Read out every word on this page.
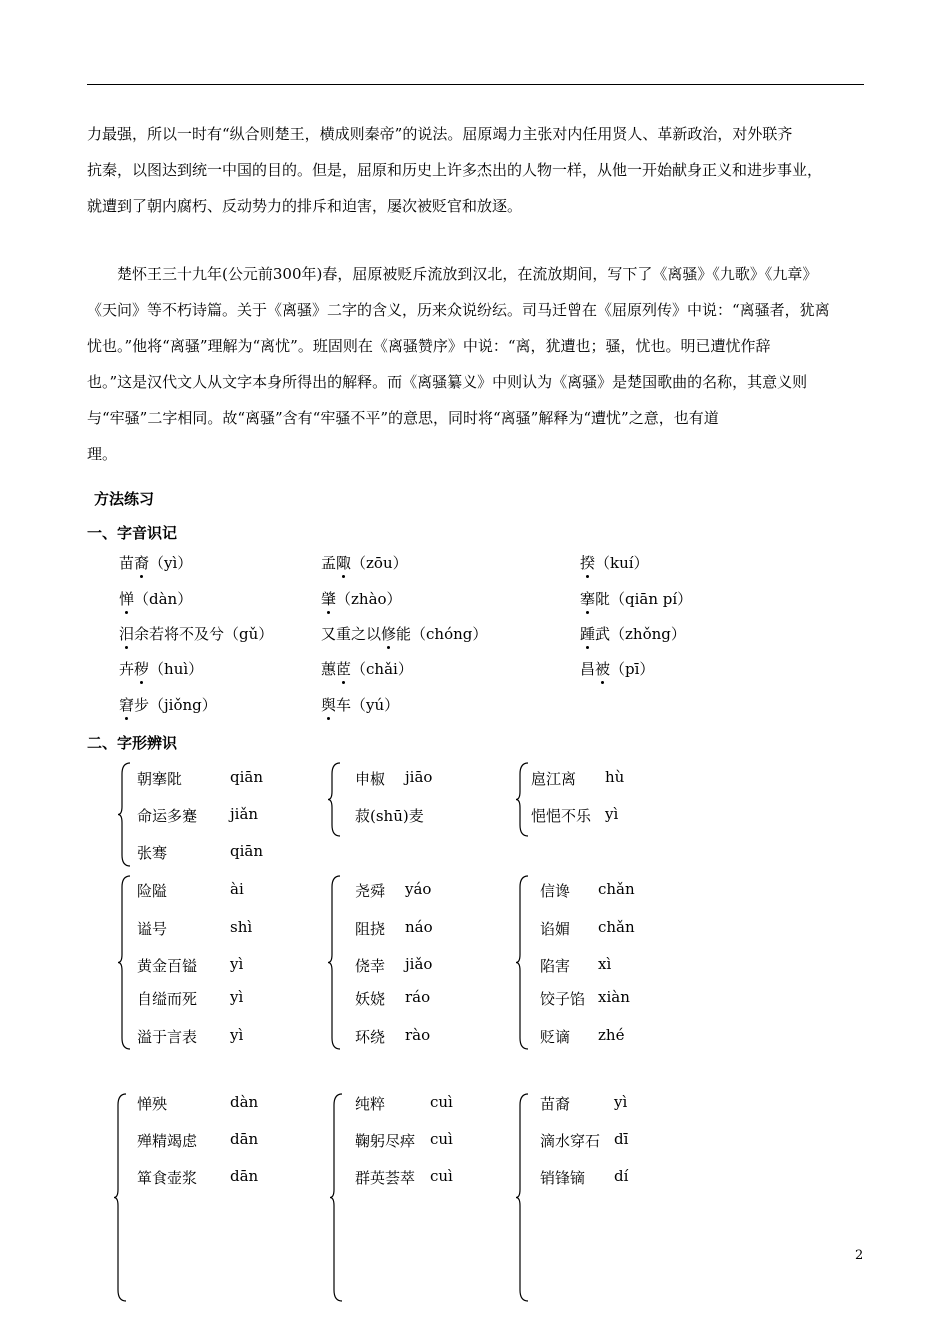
力最强，所以一时有“纵合则楚王，横成则秦帝”的说法。屈原竭力主张对内任用贤人、革新政治，对外联齐
抗秦，以图达到统一中国的目的。但是，屈原和历史上许多杰出的人物一样，从他一开始献身正义和进步事业，
就遭到了朝内腐朽、反动势力的排斥和迫害，屡次被贬官和放逐。
楚怀王三十九年(公元前300年)春，屈原被贬斥流放到汉北，在流放期间，写下了《离骚》《九歌》《九章》
《天问》等不朽诗篇。关于《离骚》二字的含义，历来众说纷纭。司马迁曾在《屈原列传》中说：“离骚者，犹离
忧也。”他将“离骚”理解为“离忧”。班固则在《离骚赞序》中说：“离，犹遭也；骚，忧也。明已遭忧作辞
也。”这是汉代文人从文字本身所得出的解释。而《离骚纂义》中则认为《离骚》是楚国歌曲的名称，其意义则
与“牢骚”二字相同。故“离骚”含有“牢骚不平”的意思，同时将“离骚”解释为“遭忧”之意，也有道
理。
方法练习
一、字音识记
苗裔（yì）	孟陬（zōu）	揆（kuí）
惮（dàn）	肇（zhào）	搴阰（qiān pí）
汨余若将不及兮（gǔ）	又重之以修能（chóng）	踵武（zhǒng）
卉秽（huì）	蕙茝（chǎi）	昌被（pī）
窘步（jiǒng）	舆车（yú）
二、字形辨识
朝搴阰	qiān
命运多蹇 jiǎn
张骞	qiān
申椒 jiāo
菽(shū)麦
扈江离 hù
悒悒不乐 yì
险隘	ài
谥号	shì
黄金百镒 yì
自缢而死 yì
溢于言表 yì
尧舜 yáo
阻挠 náo
侥幸 jiǎo
妖娆 ráo
环绕 rào
信谗 chǎn
谄媚 chǎn
陷害 xì
饺子馅 xiàn
贬谪 zhé
惮殃	dàn
殚精竭虑 dān
箪食壶浆 dān
纯粹	cuì
鞠躬尽瘁 cuì
群英荟萃 cuì
苗裔	yì
滴水穿石 dī
销锋镝 dí
2
